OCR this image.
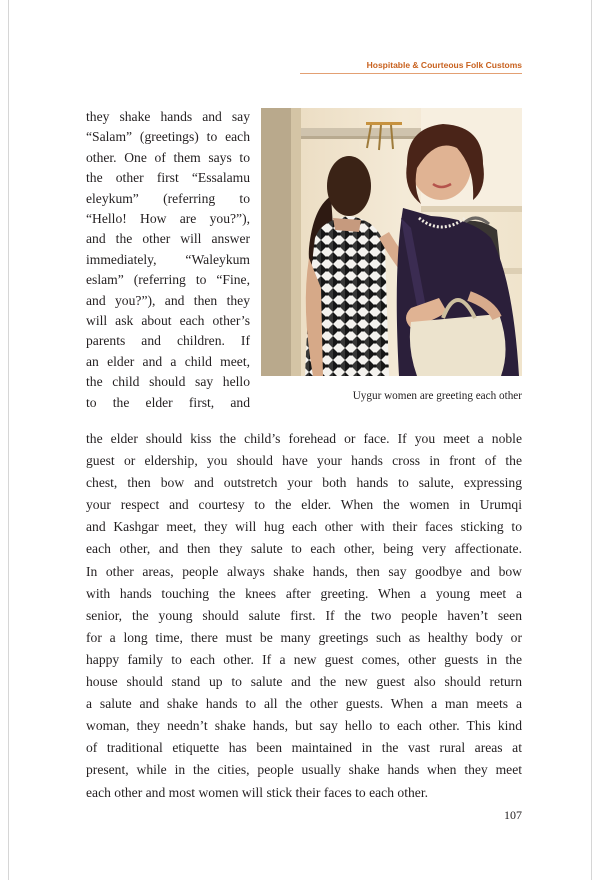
Hospitable & Courteous Folk Customs
Uygur women are greeting each other
they shake hands and say
“Salam” (greetings) to each
other. One of them says to
the other first “Essalamu
eleykum” (referring to
“Hello! How are you?”),
and the other will answer
immediately, “Waleykum
eslam” (referring to “Fine,
and you?”), and then they
will ask about each other’s
parents and children. If
an elder and a child meet,
the child should say hello
to the elder first, and
the elder should kiss the child’s forehead or face. If you meet a noble
guest or eldership, you should have your hands cross in front of the
chest, then bow and outstretch your both hands to salute, expressing
your respect and courtesy to the elder. When the women in Urumqi
and Kashgar meet, they will hug each other with their faces sticking to
each other, and then they salute to each other, being very affectionate.
In other areas, people always shake hands, then say goodbye and bow
with hands touching the knees after greeting. When a young meet a
senior, the young should salute first. If the two people haven’t seen
for a long time, there must be many greetings such as healthy body or
happy family to each other. If a new guest comes, other guests in the
house should stand up to salute and the new guest also should return
a salute and shake hands to all the other guests. When a man meets a
woman, they needn’t shake hands, but say hello to each other. This kind
of traditional etiquette has been maintained in the vast rural areas at
present, while in the cities, people usually shake hands when they meet
each other and most women will stick their faces to each other.
107
